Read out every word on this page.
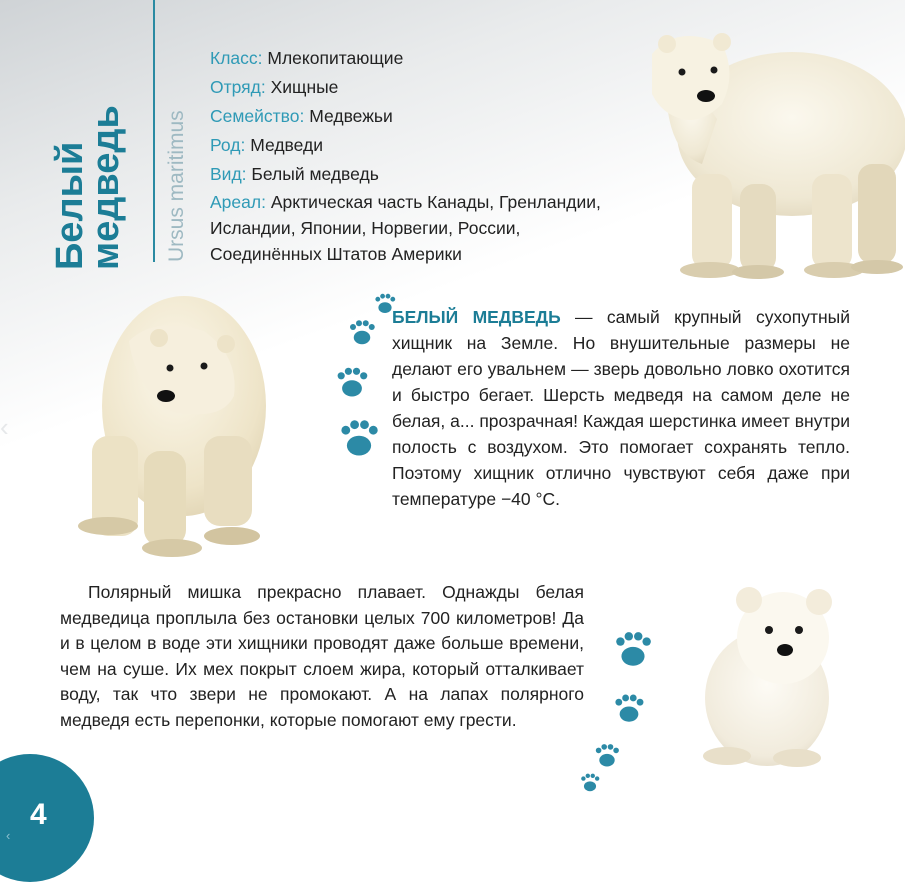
Белый
медведь Ursus maritimus
Класс: Млекопитающие
Отряд: Хищные
Семейство: Медвежьи
Род: Медведи
Вид: Белый медведь
Ареал: Арктическая часть Канады, Гренландии, Исландии, Японии, Норвегии, России, Соединённых Штатов Америки
БЕЛЫЙ МЕДВЕДЬ — самый крупный сухопутный хищник на Земле. Но внушительные размеры не делают его увальнем — зверь довольно ловко охотится и быстро бегает. Шерсть медведя на самом деле не белая, а... прозрачная! Каждая шерстинка имеет внутри полость с воздухом. Это помогает сохранять тепло. Поэтому хищник отлично чувствуют себя даже при температуре −40 °С.
Полярный мишка прекрасно плавает. Однажды белая медведица проплыла без остановки целых 700 километров! Да и в целом в воде эти хищники проводят даже больше времени, чем на суше. Их мех покрыт слоем жира, который отталкивает воду, так что звери не промокают. А на лапах полярного медведя есть перепонки, которые помогают ему грести.
‹
4
‹
